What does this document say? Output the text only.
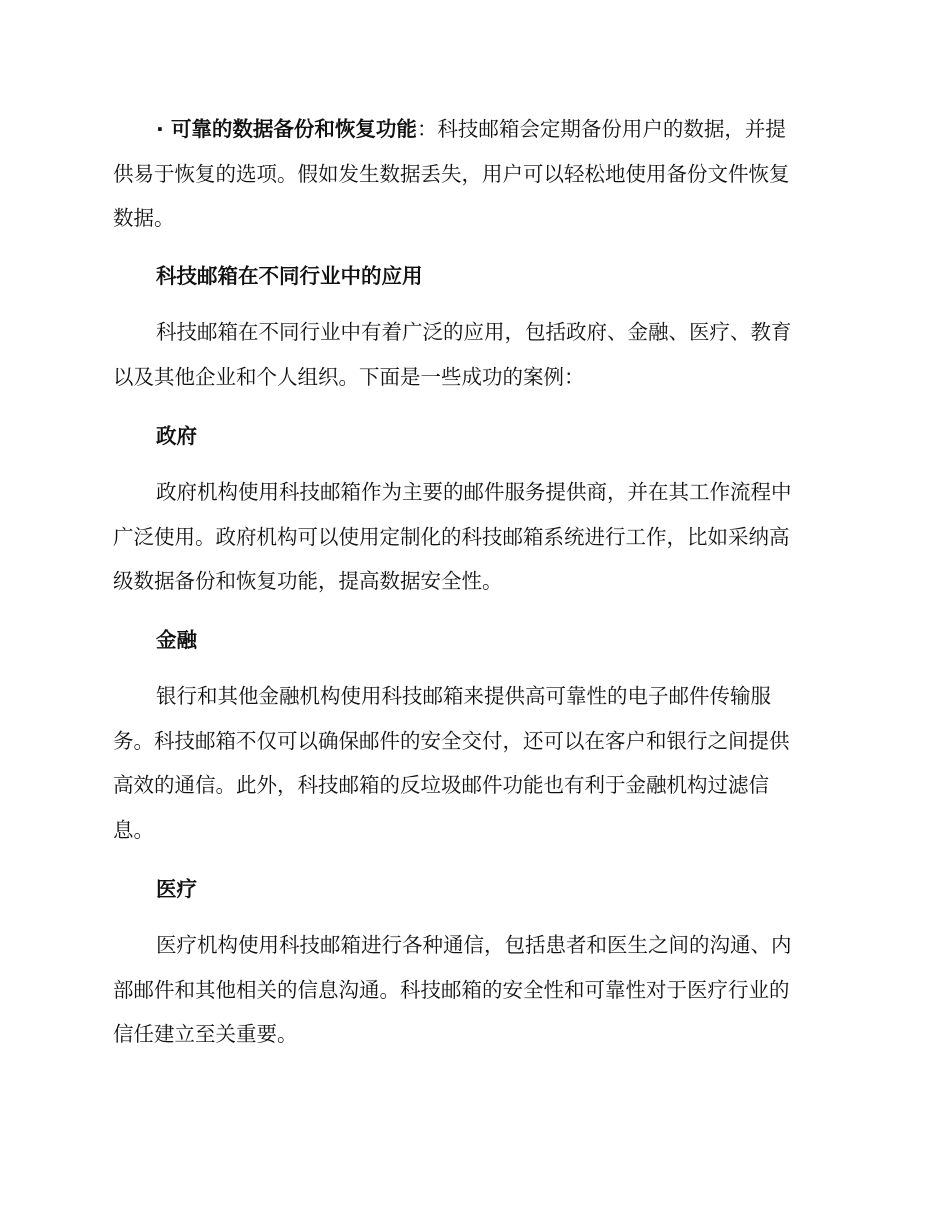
· 可靠的数据备份和恢复功能：科技邮箱会定期备份用户的数据，并提
供易于恢复的选项。假如发生数据丢失，用户可以轻松地使用备份文件恢复
数据。
科技邮箱在不同行业中的应用
科技邮箱在不同行业中有着广泛的应用，包括政府、金融、医疗、教育
以及其他企业和个人组织。下面是一些成功的案例：
政府
政府机构使用科技邮箱作为主要的邮件服务提供商，并在其工作流程中
广泛使用。政府机构可以使用定制化的科技邮箱系统进行工作，比如采纳高
级数据备份和恢复功能，提高数据安全性。
金融
银行和其他金融机构使用科技邮箱来提供高可靠性的电子邮件传输服
务。科技邮箱不仅可以确保邮件的安全交付，还可以在客户和银行之间提供
高效的通信。此外，科技邮箱的反垃圾邮件功能也有利于金融机构过滤信
息。
医疗
医疗机构使用科技邮箱进行各种通信，包括患者和医生之间的沟通、内
部邮件和其他相关的信息沟通。科技邮箱的安全性和可靠性对于医疗行业的
信任建立至关重要。
